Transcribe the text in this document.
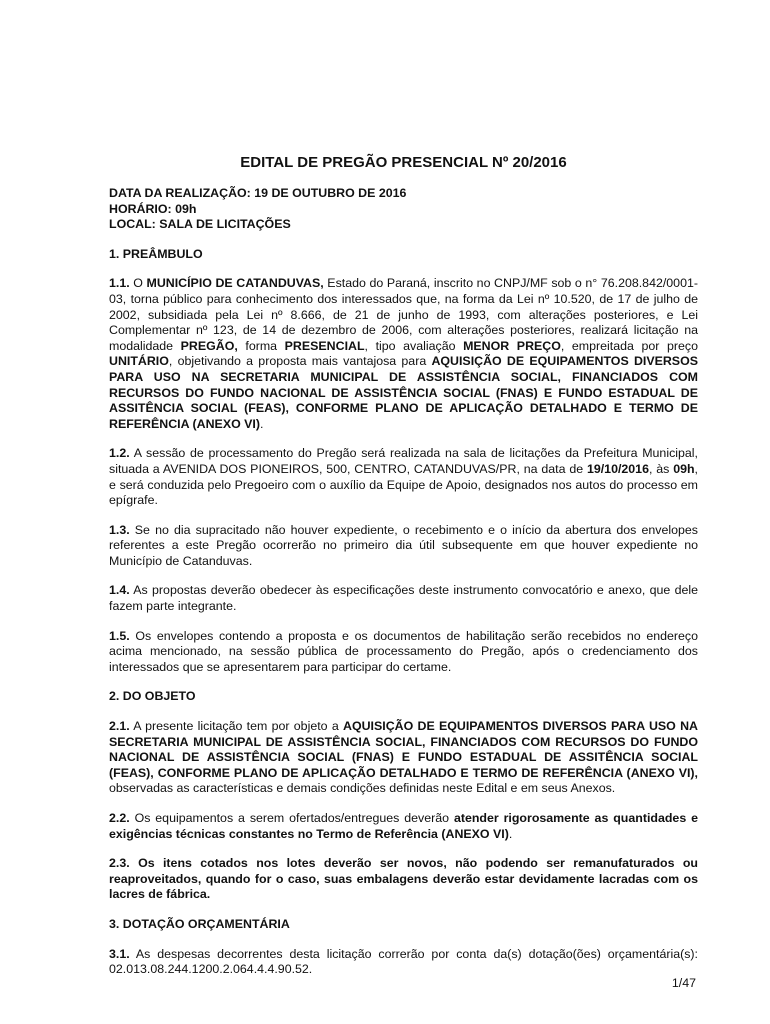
EDITAL DE PREGÃO PRESENCIAL Nº 20/2016
DATA DA REALIZAÇÃO: 19 DE OUTUBRO DE 2016
HORÁRIO: 09h
LOCAL: SALA DE LICITAÇÕES
1. PREÂMBULO

1.1. O MUNICÍPIO DE CATANDUVAS, Estado do Paraná, inscrito no CNPJ/MF sob o n° 76.208.842/0001-03, torna público para conhecimento dos interessados que, na forma da Lei nº 10.520, de 17 de julho de 2002, subsidiada pela Lei nº 8.666, de 21 de junho de 1993, com alterações posteriores, e Lei Complementar nº 123, de 14 de dezembro de 2006, com alterações posteriores, realizará licitação na modalidade PREGÃO, forma PRESENCIAL, tipo avaliação MENOR PREÇO, empreitada por preço UNITÁRIO, objetivando a proposta mais vantajosa para AQUISIÇÃO DE EQUIPAMENTOS DIVERSOS PARA USO NA SECRETARIA MUNICIPAL DE ASSISTÊNCIA SOCIAL, FINANCIADOS COM RECURSOS DO FUNDO NACIONAL DE ASSISTÊNCIA SOCIAL (FNAS) E FUNDO ESTADUAL DE ASSITÊNCIA SOCIAL (FEAS), CONFORME PLANO DE APLICAÇÃO DETALHADO E TERMO DE REFERÊNCIA (ANEXO VI).

1.2. A sessão de processamento do Pregão será realizada na sala de licitações da Prefeitura Municipal, situada a AVENIDA DOS PIONEIROS, 500, CENTRO, CATANDUVAS/PR, na data de 19/10/2016, às 09h, e será conduzida pelo Pregoeiro com o auxílio da Equipe de Apoio, designados nos autos do processo em epígrafe.

1.3. Se no dia supracitado não houver expediente, o recebimento e o início da abertura dos envelopes referentes a este Pregão ocorrerão no primeiro dia útil subsequente em que houver expediente no Município de Catanduvas.

1.4. As propostas deverão obedecer às especificações deste instrumento convocatório e anexo, que dele fazem parte integrante.

1.5. Os envelopes contendo a proposta e os documentos de habilitação serão recebidos no endereço acima mencionado, na sessão pública de processamento do Pregão, após o credenciamento dos interessados que se apresentarem para participar do certame.

2. DO OBJETO

2.1. A presente licitação tem por objeto a AQUISIÇÃO DE EQUIPAMENTOS DIVERSOS PARA USO NA SECRETARIA MUNICIPAL DE ASSISTÊNCIA SOCIAL, FINANCIADOS COM RECURSOS DO FUNDO NACIONAL DE ASSISTÊNCIA SOCIAL (FNAS) E FUNDO ESTADUAL DE ASSITÊNCIA SOCIAL (FEAS), CONFORME PLANO DE APLICAÇÃO DETALHADO E TERMO DE REFERÊNCIA (ANEXO VI), observadas as características e demais condições definidas neste Edital e em seus Anexos.

2.2. Os equipamentos a serem ofertados/entregues deverão atender rigorosamente as quantidades e exigências técnicas constantes no Termo de Referência (ANEXO VI).

2.3. Os itens cotados nos lotes deverão ser novos, não podendo ser remanufaturados ou reaproveitados, quando for o caso, suas embalagens deverão estar devidamente lacradas com os lacres de fábrica.

3. DOTAÇÃO ORÇAMENTÁRIA

3.1. As despesas decorrentes desta licitação correrão por conta da(s) dotação(ões) orçamentária(s): 02.013.08.244.1200.2.064.4.4.90.52.

1/47
